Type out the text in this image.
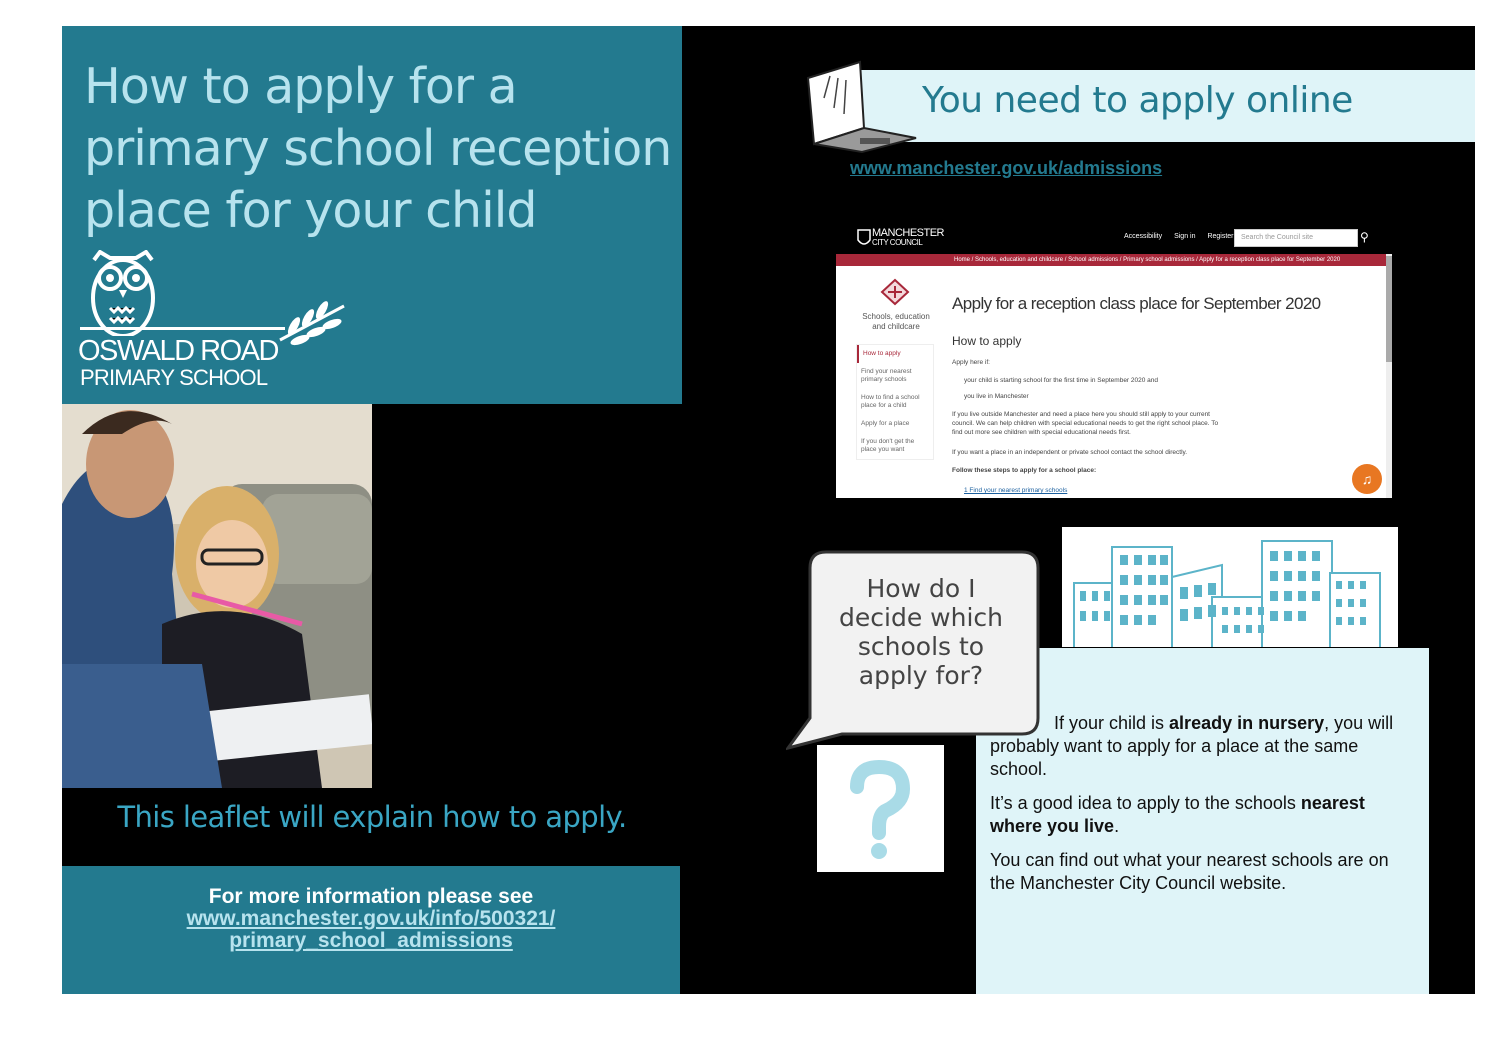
How to apply for a primary school reception place for your child
OSWALD ROAD
PRIMARY SCHOOL
This leaflet will explain how to apply.
For more information please see
www.manchester.gov.uk/info/500321/
primary_school_admissions
You need to apply online
www.manchester.gov.uk/admissions
MANCHESTER
CITY COUNCIL
Accessibility Sign in Register	Search the Council site	⚲
Home / Schools, education and childcare / School admissions / Primary school admissions / Apply for a reception class place for September 2020
Schools, education and childcare
How to apply
Find your nearest primary schools
How to find a school place for a child
Apply for a place
If you don't get the place you want
Apply for a reception class place for September 2020
How to apply
Apply here if:
your child is starting school for the first time in September 2020 and
you live in Manchester
If you live outside Manchester and need a place here you should still apply to your current council. We can help children with special educational needs to get the right school place. To find out more see children with special educational needs first.
If you want a place in an independent or private school contact the school directly.
Follow these steps to apply for a school place:
1 Find your nearest primary schools
♫
How do I decide which schools to apply for?
If your child is already in nursery, you will probably want to apply for a place at the same school.
It’s a good idea to apply to the schools nearest where you live.
You can find out what your nearest schools are on the Manchester City Council website.
